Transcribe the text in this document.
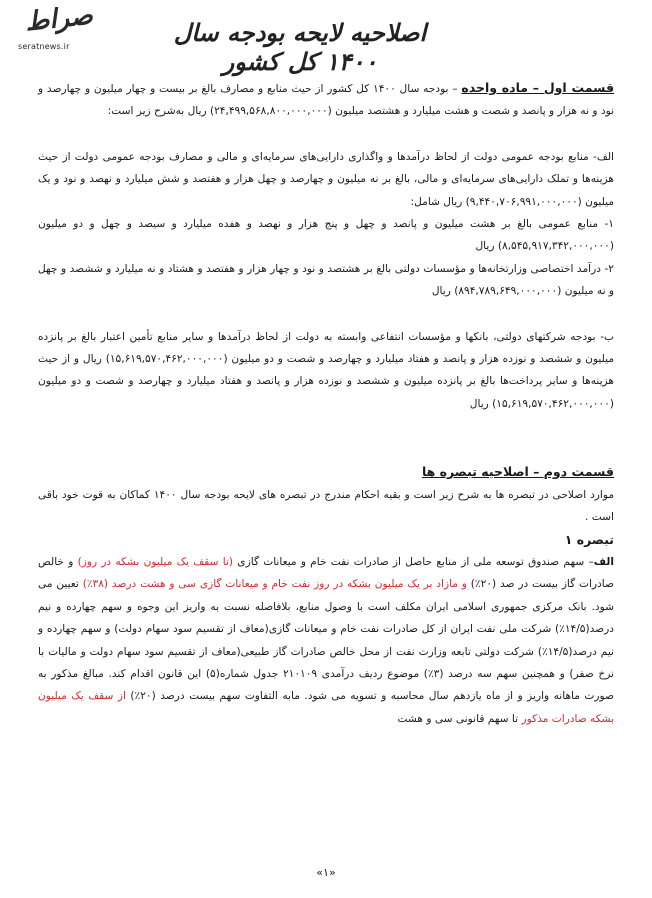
صراط
seratnews.ir	اصلاحیه لایحه بودجه سال ۱۴۰۰ کل کشور

قسمت اول – ماده واحده – بودجه سال ۱۴۰۰ کل کشور از حیث منابع و مصارف بالغ بر بیست و چهار میلیون و چهارصد و نود و نه هزار و پانصد و شصت و هشت میلیارد و هشتصد میلیون (۲۴,۴۹۹,۵۶۸,۸۰۰,۰۰۰,۰۰۰) ریال به‌شرح زیر است:

الف- منابع بودجه عمومی دولت از لحاظ درآمدها و واگذاری دارایی‌های سرمایه‌ای و مالی و مصارف بودجه عمومی دولت از حیث هزینه‌ها و تملک دارایی‌های سرمایه‌ای و مالی، بالغ بر نه میلیون و چهارصد و چهل هزار و هفتصد و شش میلیارد و نهصد و نود و یک میلیون (۹,۴۴۰,۷۰۶,۹۹۱,۰۰۰,۰۰۰) ریال شامل:

۱- منابع عمومی بالغ بر هشت میلیون و پانصد و چهل و پنج هزار و نهصد و هفده میلیارد و سیصد و چهل و دو میلیون (۸,۵۴۵,۹۱۷,۳۴۲,۰۰۰,۰۰۰) ریال

۲- درآمد اختصاصی وزارتخانه‌ها و مؤسسات دولتی بالغ بر هشتصد و نود و چهار هزار و هفتصد و هشتاد و نه میلیارد و ششصد و چهل و نه میلیون (۸۹۴,۷۸۹,۶۴۹,۰۰۰,۰۰۰) ریال

ب- بودجه شرکتهای دولتی، بانکها و مؤسسات انتفاعی وابسته به دولت از لحاظ درآمدها و سایر منابع تأمین اعتبار بالغ بر پانزده میلیون و ششصد و نوزده هزار و پانصد و هفتاد میلیارد و چهارصد و شصت و دو میلیون (۱۵,۶۱۹,۵۷۰,۴۶۲,۰۰۰,۰۰۰) ریال و از حیث هزینه‌ها و سایر پرداخت‌ها بالغ بر پانزده میلیون و ششصد و نوزده هزار و پانصد و هفتاد میلیارد و چهارصد و شصت و دو میلیون (۱۵,۶۱۹,۵۷۰,۴۶۲,۰۰۰,۰۰۰) ریال

قسمت دوم – اصلاحیه تبصره ها

موارد اصلاحی در تبصره ها به شرح زیر است و بقیه احکام مندرج در تبصره های لایحه بودجه سال ۱۴۰۰ کماکان به قوت خود باقی است .

تبصره ۱

الف– سهم صندوق توسعه ملی از منابع حاصل از صادرات نفت خام و میعانات گازی (تا سقف یک میلیون بشکه در روز) و خالص صادرات گاز بیست در صد (۲۰٪) و مازاد بر یک میلیون بشکه در روز نفت خام و میعانات گازی سی و هشت درصد (۳۸٪) تعیین می شود. بانک مرکزی جمهوری اسلامی ایران مکلف است با وصول منابع، بلافاصله نسبت به واریز این وجوه و سهم چهارده و نیم درصد(۱۴/۵٪) شرکت ملی نفت ایران از کل صادرات نفت خام و میعانات گازی(معاف از تقسیم سود سهام دولت) و سهم چهارده و نیم درصد(۱۴/۵٪) شرکت دولتی تابعه وزارت نفت از محل خالص صادرات گاز طبیعی(معاف از تقسیم سود سهام دولت و مالیات با نرخ صفر) و همچنین سهم سه درصد (۳٪) موضوع ردیف درآمدی ۲۱۰۱۰۹ جدول شماره(۵) این قانون اقدام کند. مبالغ مذکور به صورت ماهانه واریز و از ماه یازدهم سال محاسبه و تسویه می شود. مابه التفاوت سهم بیست درصد (۲۰٪) از سقف یک میلیون بشکه صادرات مذکور تا سهم قانونی سی و هشت

«۱»
